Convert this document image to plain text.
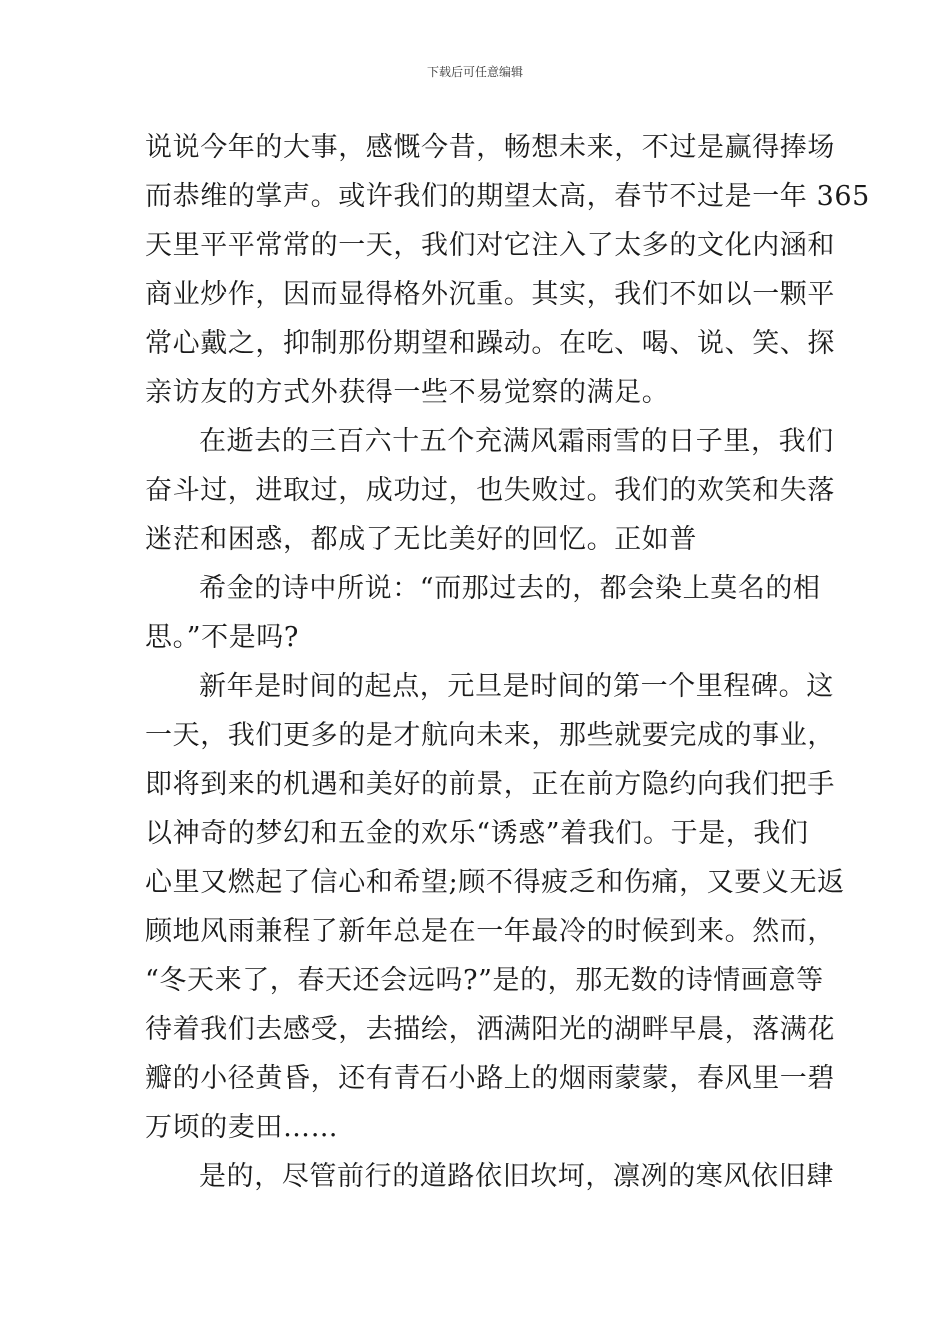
下载后可任意编辑
说说今年的大事，感慨今昔，畅想未来，不过是赢得捧场
而恭维的掌声。或许我们的期望太高，春节不过是一年 365
天里平平常常的一天，我们对它注入了太多的文化内涵和
商业炒作，因而显得格外沉重。其实，我们不如以一颗平
常心戴之，抑制那份期望和躁动。在吃、喝、说、笑、探
亲访友的方式外获得一些不易觉察的满足。
在逝去的三百六十五个充满风霜雨雪的日子里，我们
奋斗过，进取过，成功过，也失败过。我们的欢笑和失落
迷茫和困惑，都成了无比美好的回忆。正如普
希金的诗中所说：“而那过去的，都会染上莫名的相
思。”不是吗?
新年是时间的起点，元旦是时间的第一个里程碑。这
一天，我们更多的是才航向未来，那些就要完成的事业，
即将到来的机遇和美好的前景，正在前方隐约向我们把手
以神奇的梦幻和五金的欢乐“诱惑”着我们。于是，我们
心里又燃起了信心和希望;顾不得疲乏和伤痛，又要义无返
顾地风雨兼程了新年总是在一年最冷的时候到来。然而，
“冬天来了，春天还会远吗?”是的，那无数的诗情画意等
待着我们去感受，去描绘，洒满阳光的湖畔早晨，落满花
瓣的小径黄昏，还有青石小路上的烟雨蒙蒙，春风里一碧
万顷的麦田……
是的，尽管前行的道路依旧坎坷，凛冽的寒风依旧肆
